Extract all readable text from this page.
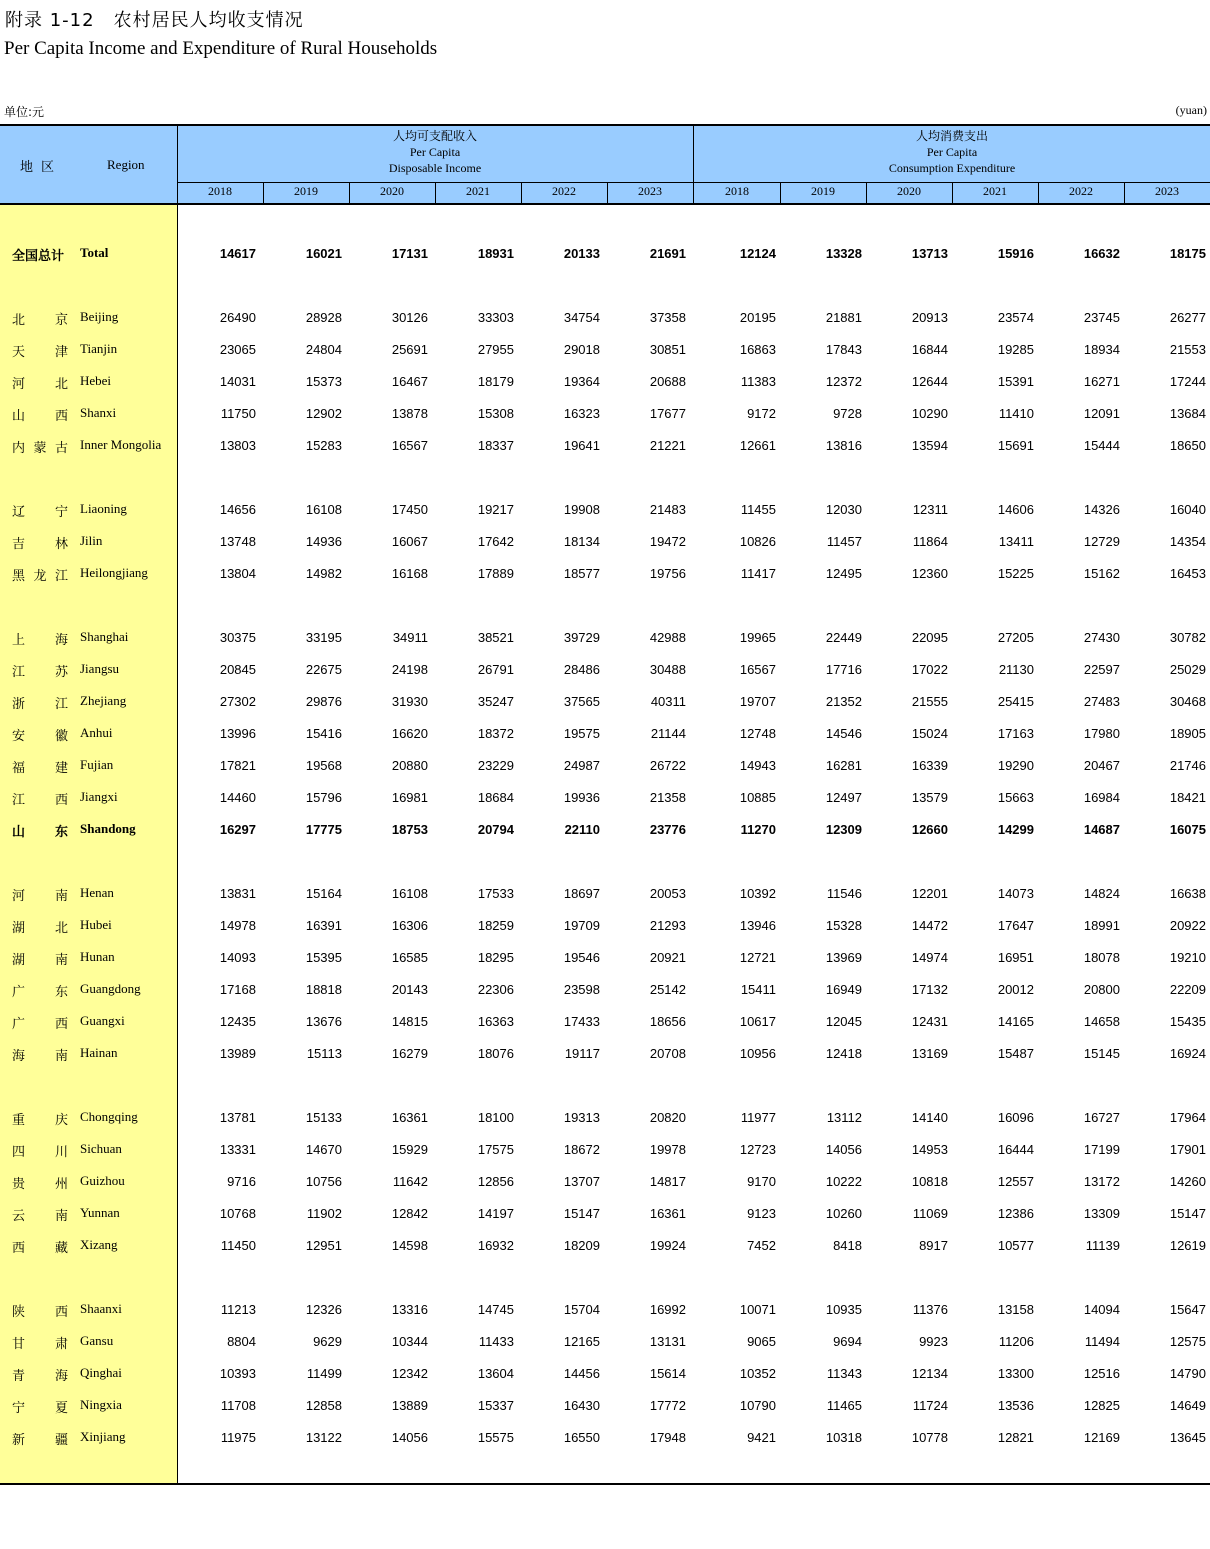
附录 1-12　农村居民人均收支情况
Per Capita Income and Expenditure of Rural Households
单位:元	(yuan)
地区	Region
人均可支配收入
Per Capita
Disposable Income
人均消费支出
Per Capita
Consumption Expenditure
2018	2019	2020	2021	2022	2023	2018	2019	2020	2021	2022	2023
全国总计	Total	14617	16021	17131	18931	20133	21691	12124	13328	13713	15916	16632	18175
北 京 Beijing	26490	28928	30126	33303	34754	37358	20195	21881	20913	23574	23745	26277
天 津 Tianjin	23065	24804	25691	27955	29018	30851	16863	17843	16844	19285	18934	21553
河 北 Hebei	14031	15373	16467	18179	19364	20688	11383	12372	12644	15391	16271	17244
山 西 Shanxi	11750	12902	13878	15308	16323	17677	9172	9728	10290	11410	12091	13684
内 蒙 古 Inner Mongolia	13803	15283	16567	18337	19641	21221	12661	13816	13594	15691	15444	18650
辽 宁 Liaoning	14656	16108	17450	19217	19908	21483	11455	12030	12311	14606	14326	16040
吉 林 Jilin	13748	14936	16067	17642	18134	19472	10826	11457	11864	13411	12729	14354
黑 龙 江 Heilongjiang	13804	14982	16168	17889	18577	19756	11417	12495	12360	15225	15162	16453
上 海 Shanghai	30375	33195	34911	38521	39729	42988	19965	22449	22095	27205	27430	30782
江 苏 Jiangsu	20845	22675	24198	26791	28486	30488	16567	17716	17022	21130	22597	25029
浙 江 Zhejiang	27302	29876	31930	35247	37565	40311	19707	21352	21555	25415	27483	30468
安 徽 Anhui	13996	15416	16620	18372	19575	21144	12748	14546	15024	17163	17980	18905
福 建 Fujian	17821	19568	20880	23229	24987	26722	14943	16281	16339	19290	20467	21746
江 西 Jiangxi	14460	15796	16981	18684	19936	21358	10885	12497	13579	15663	16984	18421
山 东 Shandong	16297	17775	18753	20794	22110	23776	11270	12309	12660	14299	14687	16075
河 南 Henan	13831	15164	16108	17533	18697	20053	10392	11546	12201	14073	14824	16638
湖 北 Hubei	14978	16391	16306	18259	19709	21293	13946	15328	14472	17647	18991	20922
湖 南 Hunan	14093	15395	16585	18295	19546	20921	12721	13969	14974	16951	18078	19210
广 东 Guangdong	17168	18818	20143	22306	23598	25142	15411	16949	17132	20012	20800	22209
广 西 Guangxi	12435	13676	14815	16363	17433	18656	10617	12045	12431	14165	14658	15435
海 南 Hainan	13989	15113	16279	18076	19117	20708	10956	12418	13169	15487	15145	16924
重 庆 Chongqing	13781	15133	16361	18100	19313	20820	11977	13112	14140	16096	16727	17964
四 川 Sichuan	13331	14670	15929	17575	18672	19978	12723	14056	14953	16444	17199	17901
贵 州 Guizhou	9716	10756	11642	12856	13707	14817	9170	10222	10818	12557	13172	14260
云 南 Yunnan	10768	11902	12842	14197	15147	16361	9123	10260	11069	12386	13309	15147
西 藏 Xizang	11450	12951	14598	16932	18209	19924	7452	8418	8917	10577	11139	12619
陕 西 Shaanxi	11213	12326	13316	14745	15704	16992	10071	10935	11376	13158	14094	15647
甘 肃 Gansu	8804	9629	10344	11433	12165	13131	9065	9694	9923	11206	11494	12575
青 海 Qinghai	10393	11499	12342	13604	14456	15614	10352	11343	12134	13300	12516	14790
宁 夏 Ningxia	11708	12858	13889	15337	16430	17772	10790	11465	11724	13536	12825	14649
新 疆 Xinjiang	11975	13122	14056	15575	16550	17948	9421	10318	10778	12821	12169	13645
